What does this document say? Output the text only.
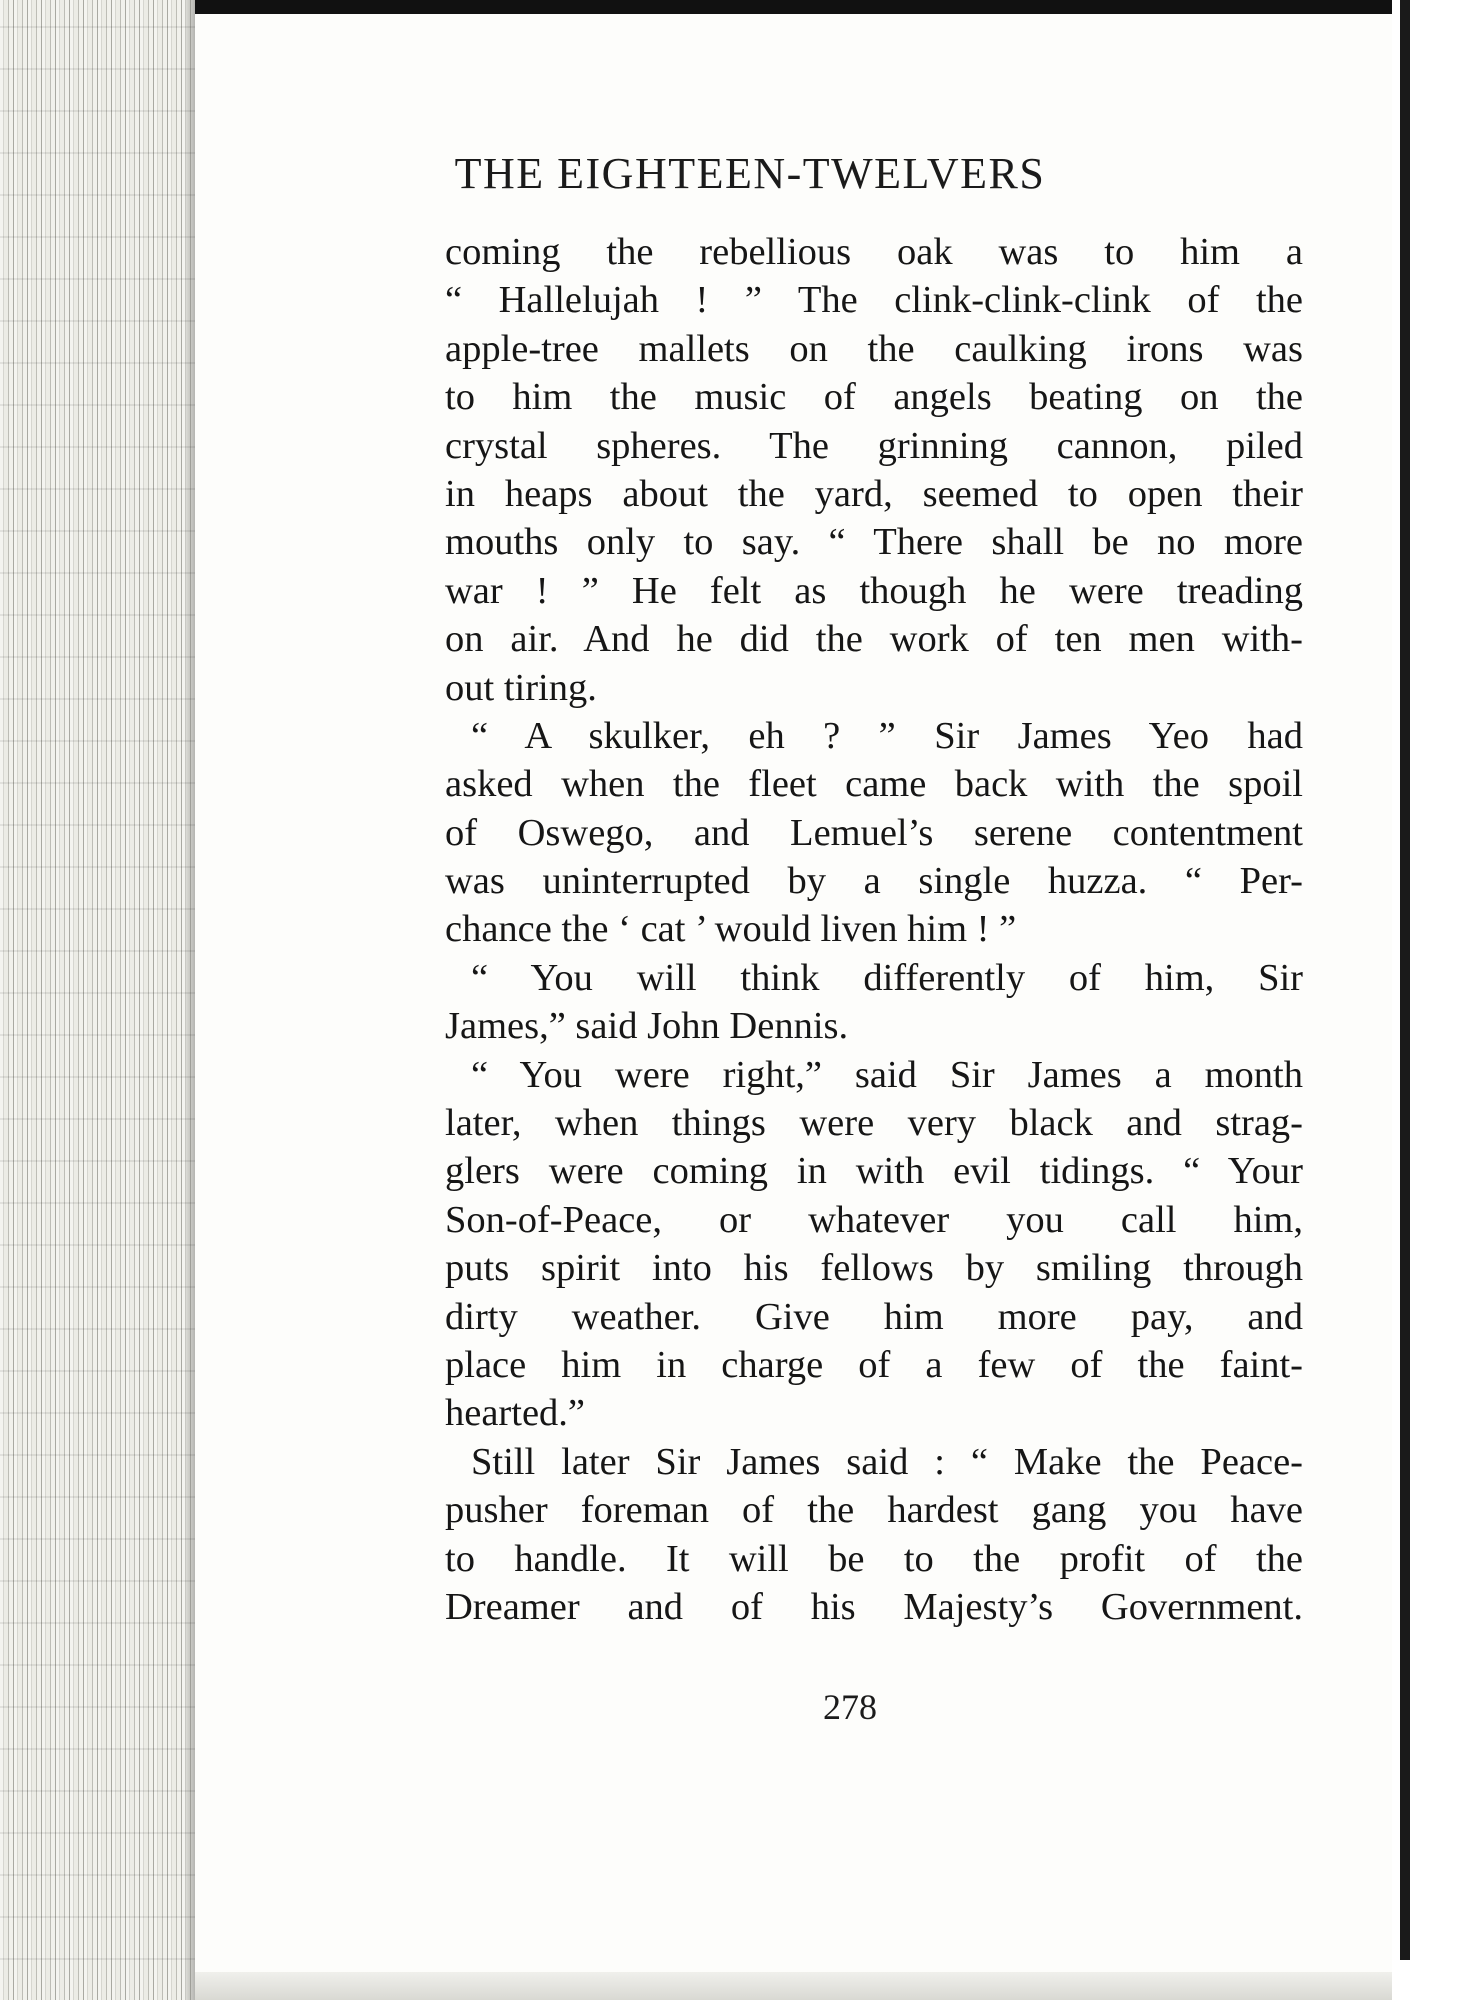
THE EIGHTEEN-TWELVERS
coming the rebellious oak was to him a
“ Hallelujah ! ” The clink-clink-clink of the
apple-tree mallets on the caulking irons was
to him the music of angels beating on the
crystal spheres. The grinning cannon, piled
in heaps about the yard, seemed to open their
mouths only to say. “ There shall be no more
war ! ” He felt as though he were treading
on air. And he did the work of ten men with-
out tiring.
“ A skulker, eh ? ” Sir James Yeo had
asked when the fleet came back with the spoil
of Oswego, and Lemuel’s serene contentment
was uninterrupted by a single huzza. “ Per-
chance the ‘ cat ’ would liven him ! ”
“ You will think differently of him, Sir
James,” said John Dennis.
“ You were right,” said Sir James a month
later, when things were very black and strag-
glers were coming in with evil tidings. “ Your
Son-of-Peace, or whatever you call him,
puts spirit into his fellows by smiling through
dirty weather. Give him more pay, and
place him in charge of a few of the faint-
hearted.”
Still later Sir James said : “ Make the Peace-
pusher foreman of the hardest gang you have
to handle. It will be to the profit of the
Dreamer and of his Majesty’s Government.
278
